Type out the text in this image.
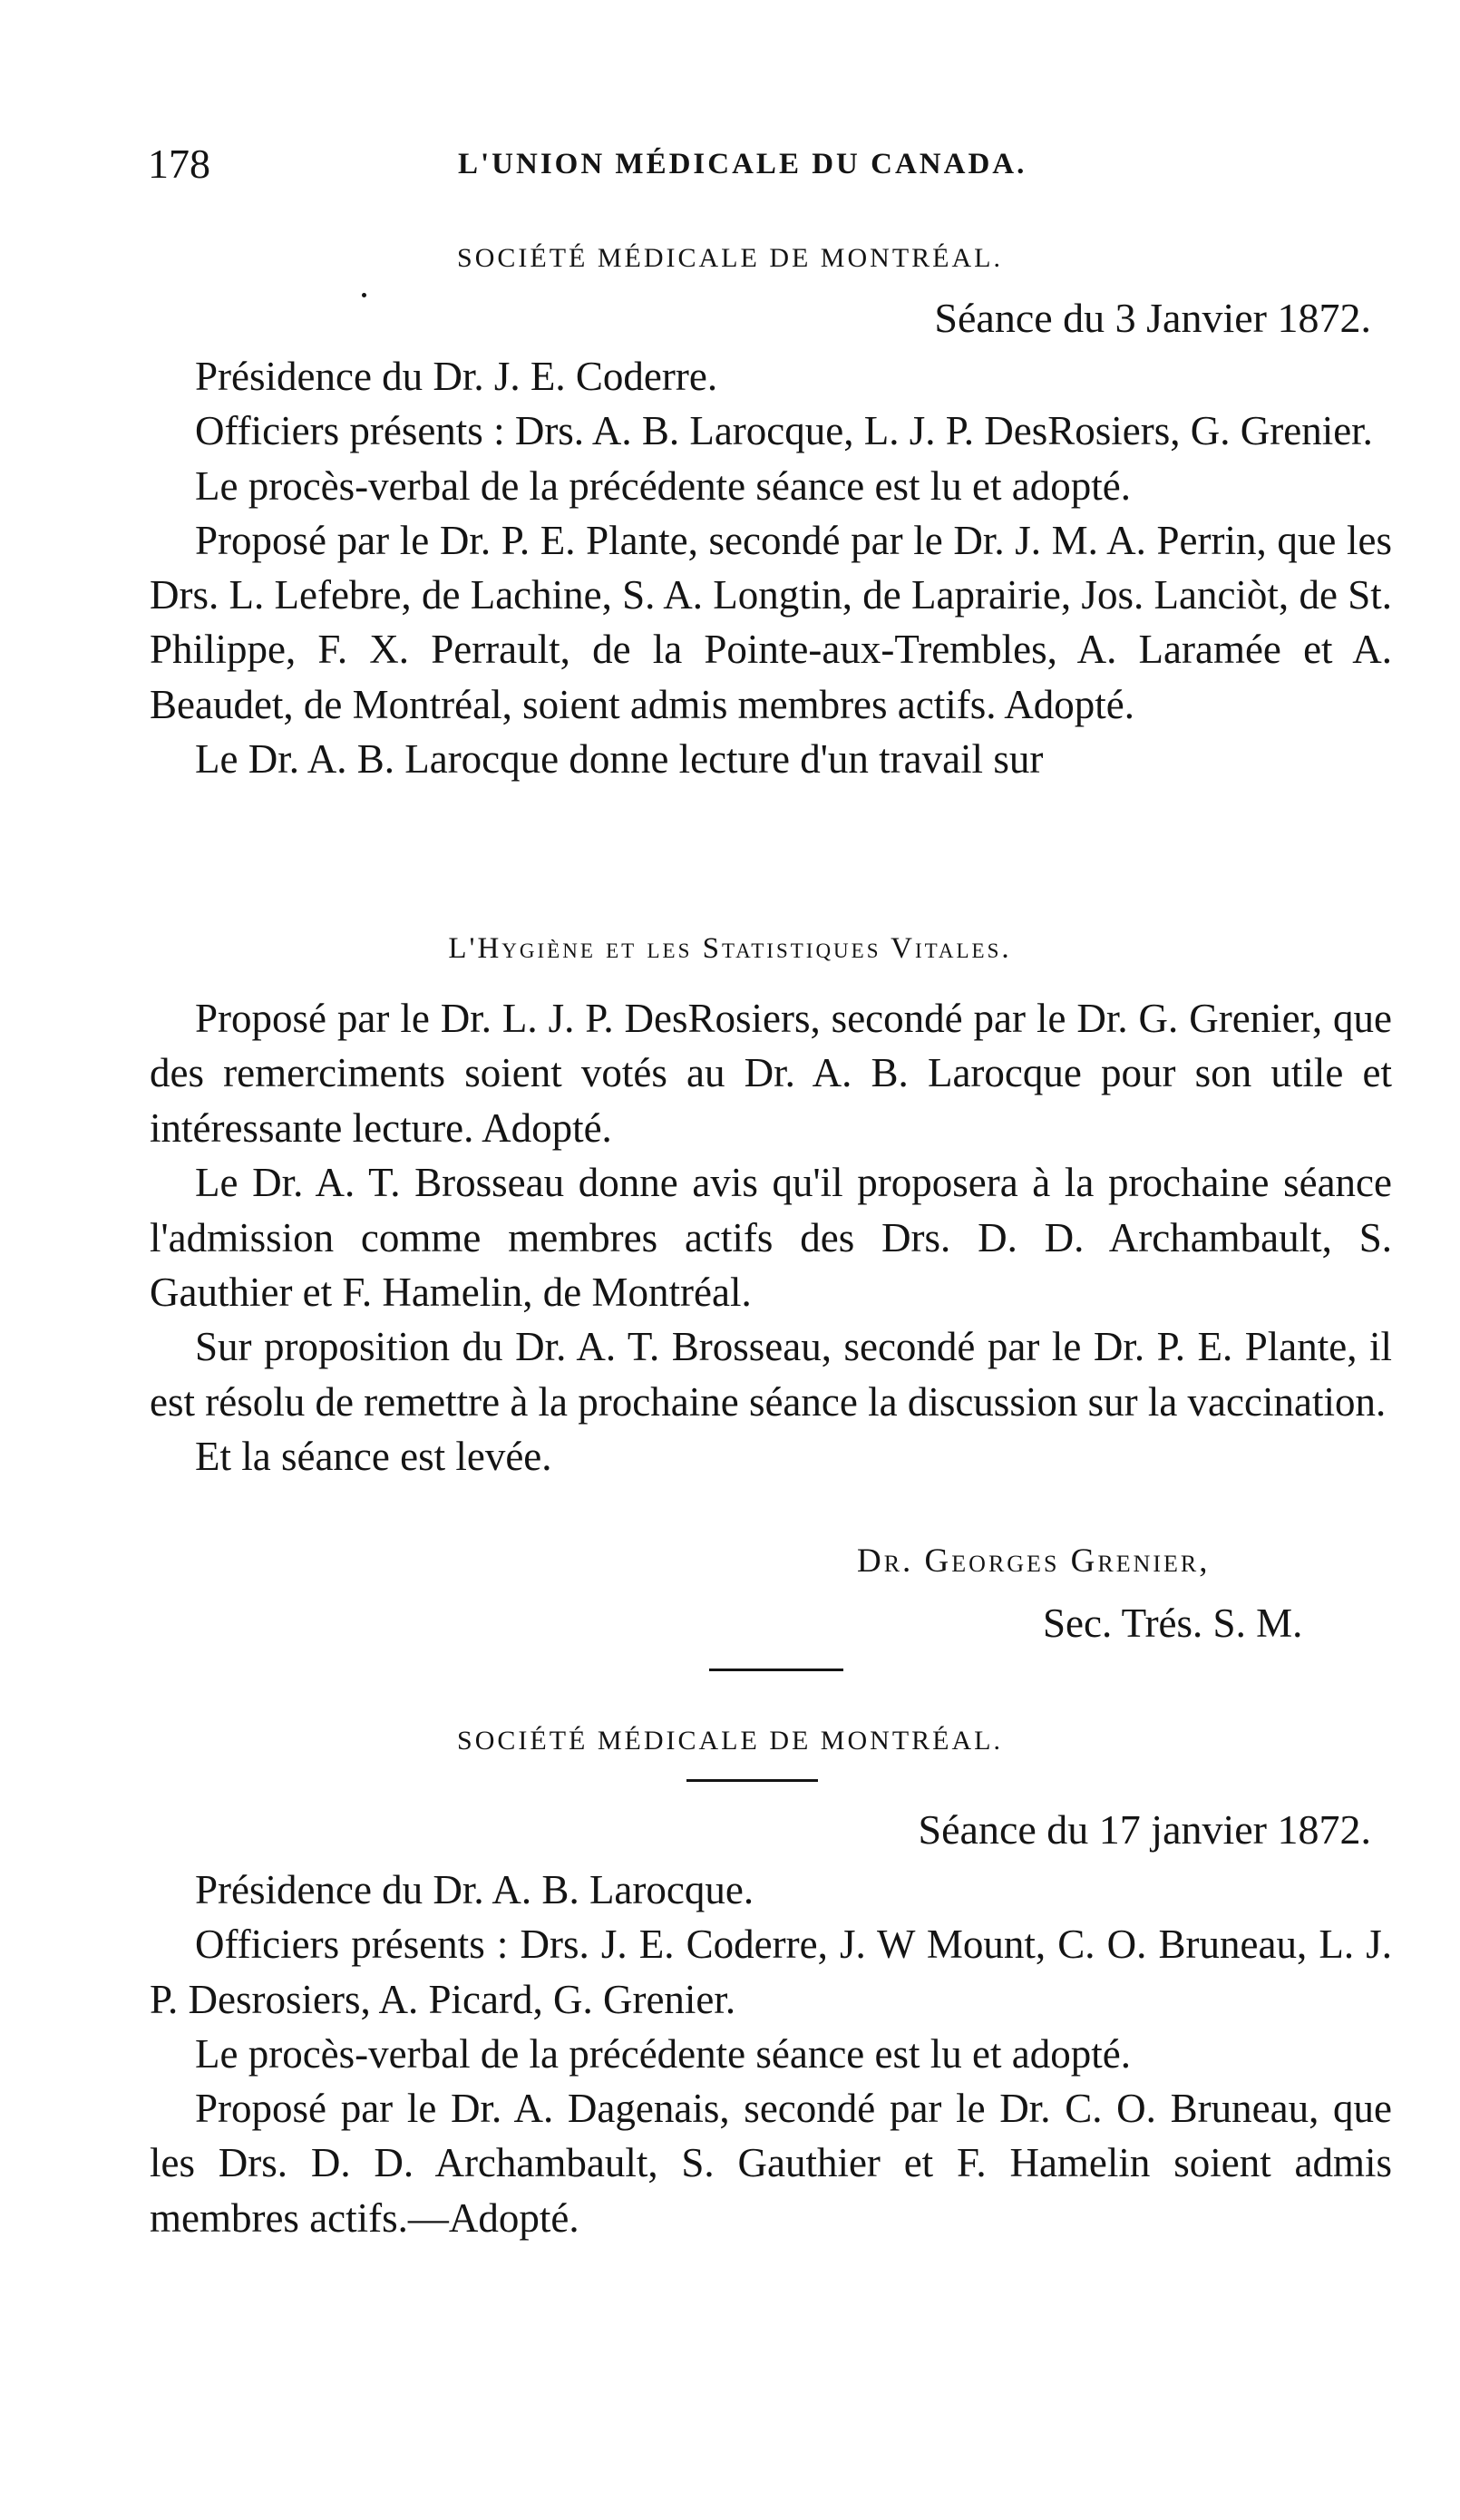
178	L'UNION MÉDICALE DU CANADA.
SOCIÉTÉ MÉDICALE DE MONTRÉAL.
Séance du 3 Janvier 1872.

Présidence du Dr. J. E. Coderre.

Officiers présents : Drs. A. B. Larocque, L. J. P. DesRosiers, G. Grenier.

Le procès-verbal de la précédente séance est lu et adopté.

Proposé par le Dr. P. E. Plante, secondé par le Dr. J. M. A. Perrin, que les Drs. L. Lefebre, de Lachine, S. A. Longtin, de Laprairie, Jos. Lanciòt, de St. Philippe, F. X. Perrault, de la Pointe-aux-Trembles, A. Laramée et A. Beaudet, de Montréal, soient admis membres actifs. Adopté.

Le Dr. A. B. Larocque donne lecture d'un travail sur

L'Hygiène et les Statistiques Vitales.

Proposé par le Dr. L. J. P. DesRosiers, secondé par le Dr. G. Grenier, que des remerciments soient votés au Dr. A. B. Larocque pour son utile et intéressante lecture. Adopté.

Le Dr. A. T. Brosseau donne avis qu'il proposera à la prochaine séance l'admission comme membres actifs des Drs. D. D. Archambault, S. Gauthier et F. Hamelin, de Montréal.

Sur proposition du Dr. A. T. Brosseau, secondé par le Dr. P. E. Plante, il est résolu de remettre à la prochaine séance la discussion sur la vaccination.

Et la séance est levée.

Dr. Georges Grenier,
Sec. Trés. S. M.
SOCIÉTÉ MÉDICALE DE MONTRÉAL.
Séance du 17 janvier 1872.

Présidence du Dr. A. B. Larocque.

Officiers présents : Drs. J. E. Coderre, J. W Mount, C. O. Bruneau, L. J. P. Desrosiers, A. Picard, G. Grenier.

Le procès-verbal de la précédente séance est lu et adopté.

Proposé par le Dr. A. Dagenais, secondé par le Dr. C. O. Bruneau, que les Drs. D. D. Archambault, S. Gauthier et F. Hamelin soient admis membres actifs.—Adopté.
